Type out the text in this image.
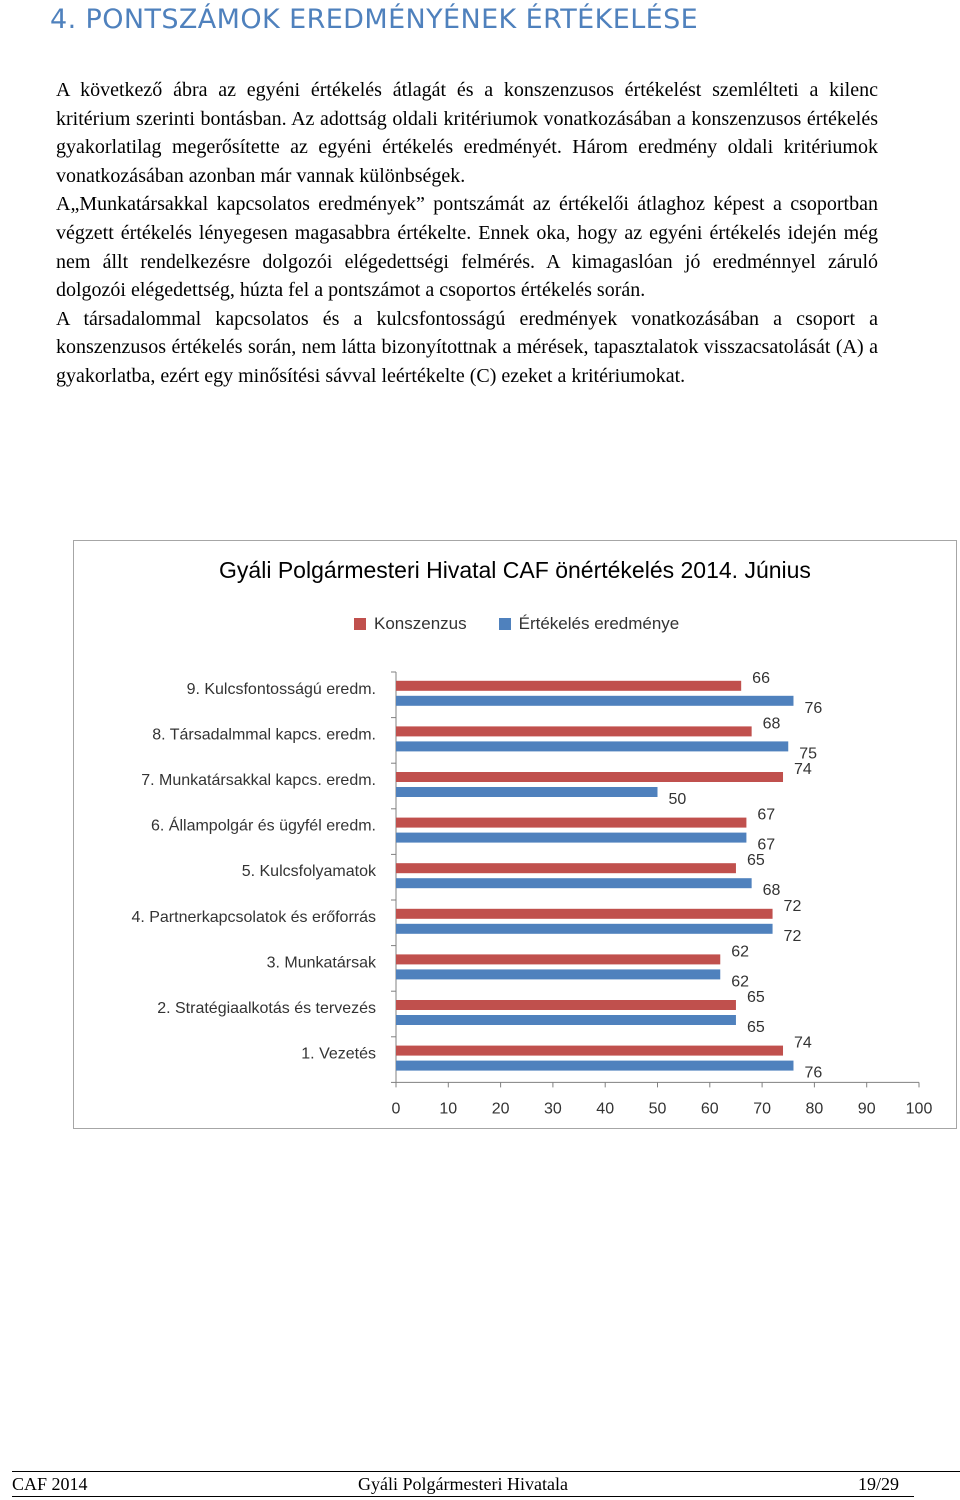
4. PONTSZÁMOK EREDMÉNYÉNEK ÉRTÉKELÉSE

A következő ábra az egyéni értékelés átlagát és a konszenzusos értékelést szemlélteti a kilenc kritérium szerinti bontásban. Az adottság oldali kritériumok vonatkozásában a konszenzusos értékelés gyakorlatilag megerősítette az egyéni értékelés eredményét. Három eredmény oldali kritériumok vonatkozásában azonban már vannak különbségek.

A„Munkatársakkal kapcsolatos eredmények” pontszámát az értékelői átlaghoz képest a csoportban végzett értékelés lényegesen magasabbra értékelte. Ennek oka, hogy az egyéni értékelés idején még nem állt rendelkezésre dolgozói elégedettségi felmérés. A kimagaslóan jó eredménnyel záruló dolgozói elégedettség, húzta fel a pontszámot a csoportos értékelés során.

A társadalommal kapcsolatos és a kulcsfontosságú eredmények vonatkozásában a csoport a konszenzusos értékelés során, nem látta bizonyítottnak a mérések, tapasztalatok visszacsatolását (A) a gyakorlatba, ezért egy minősítési sávval leértékelte (C) ezeket a kritériumokat.

Gyáli Polgármesteri Hivatal CAF önértékelés 2014. Június
Konszenzus	Értékelés eredménye
0 10 20 30 40 50 60 70 80 90 100
9. Kulcsfontosságú eredm.
66
76
8. Társadalmmal kapcs. eredm.
68
75
7. Munkatársakkal kapcs. eredm.
74
50
6. Állampolgár és ügyfél eredm.
67
67
5. Kulcsfolyamatok
65
68
4. Partnerkapcsolatok és erőforrás
72
72
3. Munkatársak
62
62
2. Stratégiaalkotás és tervezés
65
65
1. Vezetés
74
76
CAF 2014	Gyáli Polgármesteri Hivatala	19/29
